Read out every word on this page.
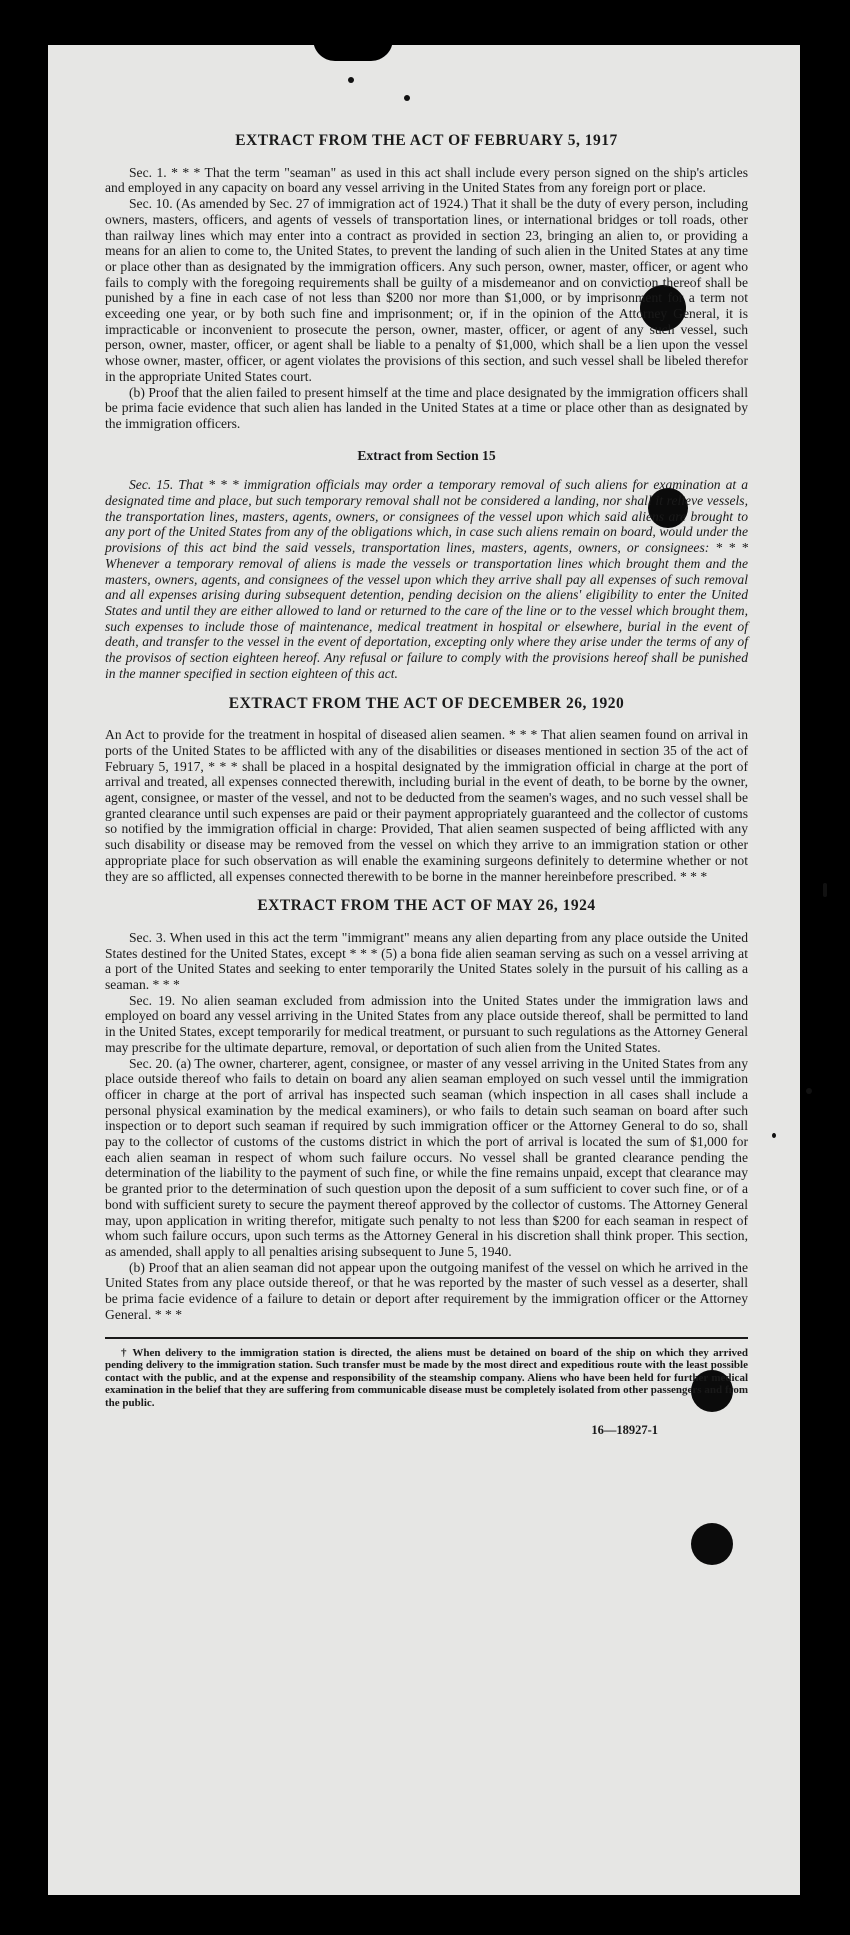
EXTRACT FROM THE ACT OF FEBRUARY 5, 1917

Sec. 1. * * * That the term "seaman" as used in this act shall include every person signed on the ship's articles and employed in any capacity on board any vessel arriving in the United States from any foreign port or place.

Sec. 10. (As amended by Sec. 27 of immigration act of 1924.) That it shall be the duty of every person, including owners, masters, officers, and agents of vessels of transportation lines, or international bridges or toll roads, other than railway lines which may enter into a contract as provided in section 23, bringing an alien to, or providing a means for an alien to come to, the United States, to prevent the landing of such alien in the United States at any time or place other than as designated by the immigration officers. Any such person, owner, master, officer, or agent who fails to comply with the foregoing requirements shall be guilty of a misdemeanor and on conviction thereof shall be punished by a fine in each case of not less than $200 nor more than $1,000, or by imprisonment for a term not exceeding one year, or by both such fine and imprisonment; or, if in the opinion of the Attorney General, it is impracticable or inconvenient to prosecute the person, owner, master, officer, or agent of any such vessel, such person, owner, master, officer, or agent shall be liable to a penalty of $1,000, which shall be a lien upon the vessel whose owner, master, officer, or agent violates the provisions of this section, and such vessel shall be libeled therefor in the appropriate United States court.

(b) Proof that the alien failed to present himself at the time and place designated by the immigration officers shall be prima facie evidence that such alien has landed in the United States at a time or place other than as designated by the immigration officers.

Extract from Section 15

Sec. 15. That * * * immigration officials may order a temporary removal of such aliens for examination at a designated time and place, but such temporary removal shall not be considered a landing, nor shall it relieve vessels, the transportation lines, masters, agents, owners, or consignees of the vessel upon which said aliens are brought to any port of the United States from any of the obligations which, in case such aliens remain on board, would under the provisions of this act bind the said vessels, transportation lines, masters, agents, owners, or consignees: * * * Whenever a temporary removal of aliens is made the vessels or transportation lines which brought them and the masters, owners, agents, and consignees of the vessel upon which they arrive shall pay all expenses of such removal and all expenses arising during subsequent detention, pending decision on the aliens' eligibility to enter the United States and until they are either allowed to land or returned to the care of the line or to the vessel which brought them, such expenses to include those of maintenance, medical treatment in hospital or elsewhere, burial in the event of death, and transfer to the vessel in the event of deportation, excepting only where they arise under the terms of any of the provisos of section eighteen hereof. Any refusal or failure to comply with the provisions hereof shall be punished in the manner specified in section eighteen of this act.

EXTRACT FROM THE ACT OF DECEMBER 26, 1920

An Act to provide for the treatment in hospital of diseased alien seamen. * * * That alien seamen found on arrival in ports of the United States to be afflicted with any of the disabilities or diseases mentioned in section 35 of the act of February 5, 1917, * * * shall be placed in a hospital designated by the immigration official in charge at the port of arrival and treated, all expenses connected therewith, including burial in the event of death, to be borne by the owner, agent, consignee, or master of the vessel, and not to be deducted from the seamen's wages, and no such vessel shall be granted clearance until such expenses are paid or their payment appropriately guaranteed and the collector of customs so notified by the immigration official in charge: Provided, That alien seamen suspected of being afflicted with any such disability or disease may be removed from the vessel on which they arrive to an immigration station or other appropriate place for such observation as will enable the examining surgeons definitely to determine whether or not they are so afflicted, all expenses connected therewith to be borne in the manner hereinbefore prescribed. * * *

EXTRACT FROM THE ACT OF MAY 26, 1924

Sec. 3. When used in this act the term "immigrant" means any alien departing from any place outside the United States destined for the United States, except * * * (5) a bona fide alien seaman serving as such on a vessel arriving at a port of the United States and seeking to enter temporarily the United States solely in the pursuit of his calling as a seaman. * * *

Sec. 19. No alien seaman excluded from admission into the United States under the immigration laws and employed on board any vessel arriving in the United States from any place outside thereof, shall be permitted to land in the United States, except temporarily for medical treatment, or pursuant to such regulations as the Attorney General may prescribe for the ultimate departure, removal, or deportation of such alien from the United States.

Sec. 20. (a) The owner, charterer, agent, consignee, or master of any vessel arriving in the United States from any place outside thereof who fails to detain on board any alien seaman employed on such vessel until the immigration officer in charge at the port of arrival has inspected such seaman (which inspection in all cases shall include a personal physical examination by the medical examiners), or who fails to detain such seaman on board after such inspection or to deport such seaman if required by such immigration officer or the Attorney General to do so, shall pay to the collector of customs of the customs district in which the port of arrival is located the sum of $1,000 for each alien seaman in respect of whom such failure occurs. No vessel shall be granted clearance pending the determination of the liability to the payment of such fine, or while the fine remains unpaid, except that clearance may be granted prior to the determination of such question upon the deposit of a sum sufficient to cover such fine, or of a bond with sufficient surety to secure the payment thereof approved by the collector of customs. The Attorney General may, upon application in writing therefor, mitigate such penalty to not less than $200 for each seaman in respect of whom such failure occurs, upon such terms as the Attorney General in his discretion shall think proper. This section, as amended, shall apply to all penalties arising subsequent to June 5, 1940.

(b) Proof that an alien seaman did not appear upon the outgoing manifest of the vessel on which he arrived in the United States from any place outside thereof, or that he was reported by the master of such vessel as a deserter, shall be prima facie evidence of a failure to detain or deport after requirement by the immigration officer or the Attorney General. * * *

† When delivery to the immigration station is directed, the aliens must be detained on board of the ship on which they arrived pending delivery to the immigration station. Such transfer must be made by the most direct and expeditious route with the least possible contact with the public, and at the expense and responsibility of the steamship company. Aliens who have been held for further medical examination in the belief that they are suffering from communicable disease must be completely isolated from other passengers and from the public.

16—18927-1
